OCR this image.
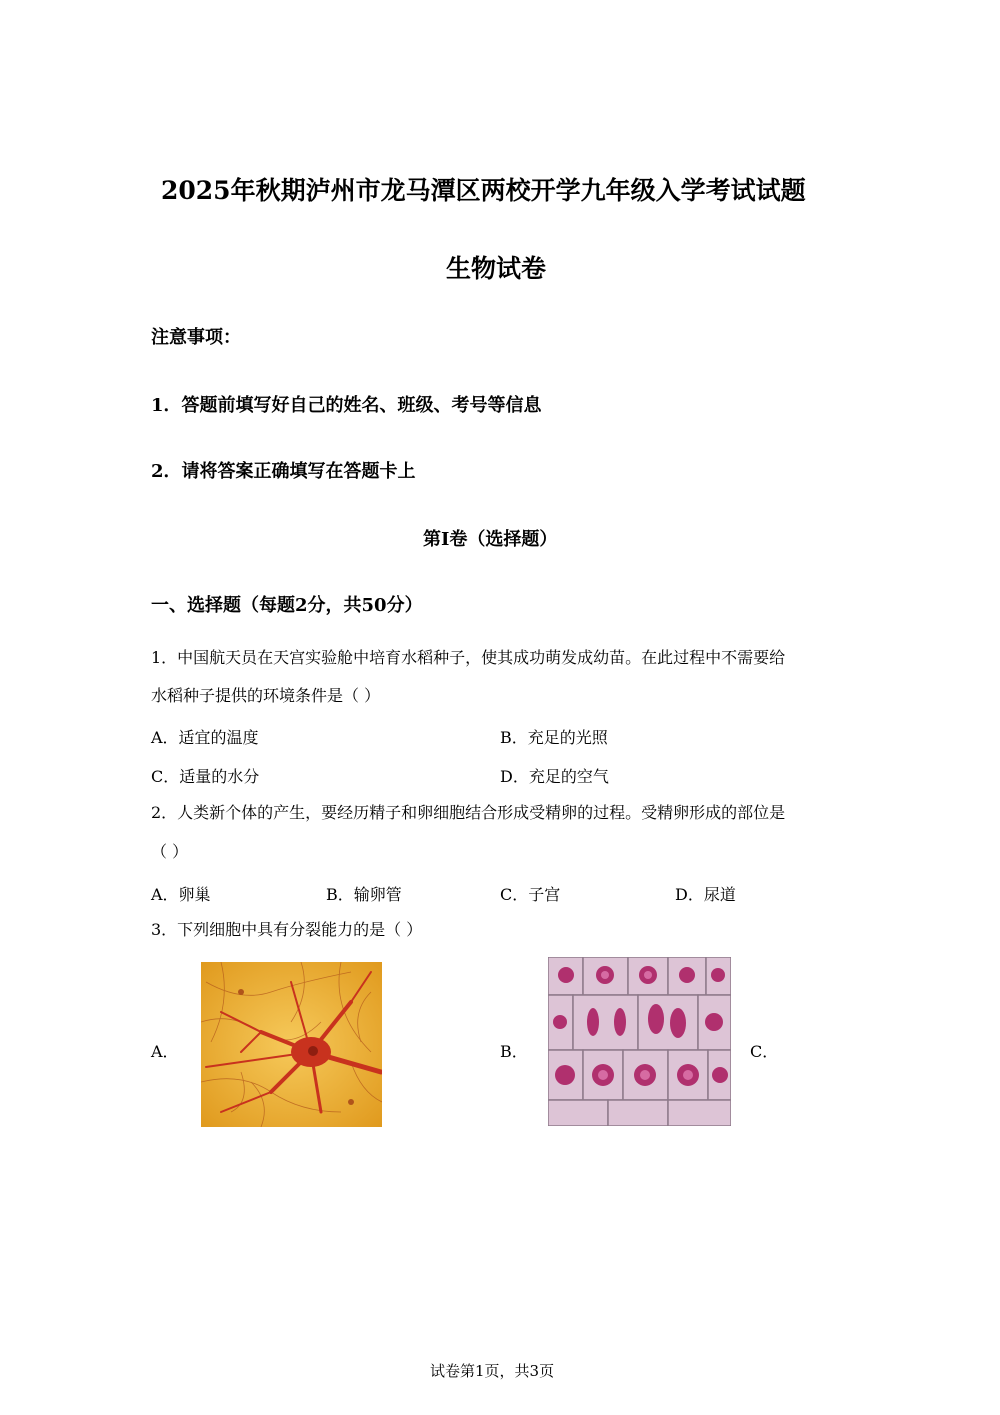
2025年秋期泸州市龙马潭区两校开学九年级入学考试试题
生物试卷
注意事项：
1．答题前填写好自己的姓名、班级、考号等信息
2．请将答案正确填写在答题卡上
第I卷（选择题）
一、选择题（每题2分，共50分）
1．中国航天员在天宫实验舱中培育水稻种子，使其成功萌发成幼苗。在此过程中不需要给
水稻种子提供的环境条件是（ ）
A．适宜的温度	B．充足的光照
C．适量的水分	D．充足的空气
2．人类新个体的产生，要经历精子和卵细胞结合形成受精卵的过程。受精卵形成的部位是
（ ）
A．卵巢	B．输卵管	C．子宫	D．尿道
3．下列细胞中具有分裂能力的是（ ）
A．	B．	C．
试卷第1页，共3页
